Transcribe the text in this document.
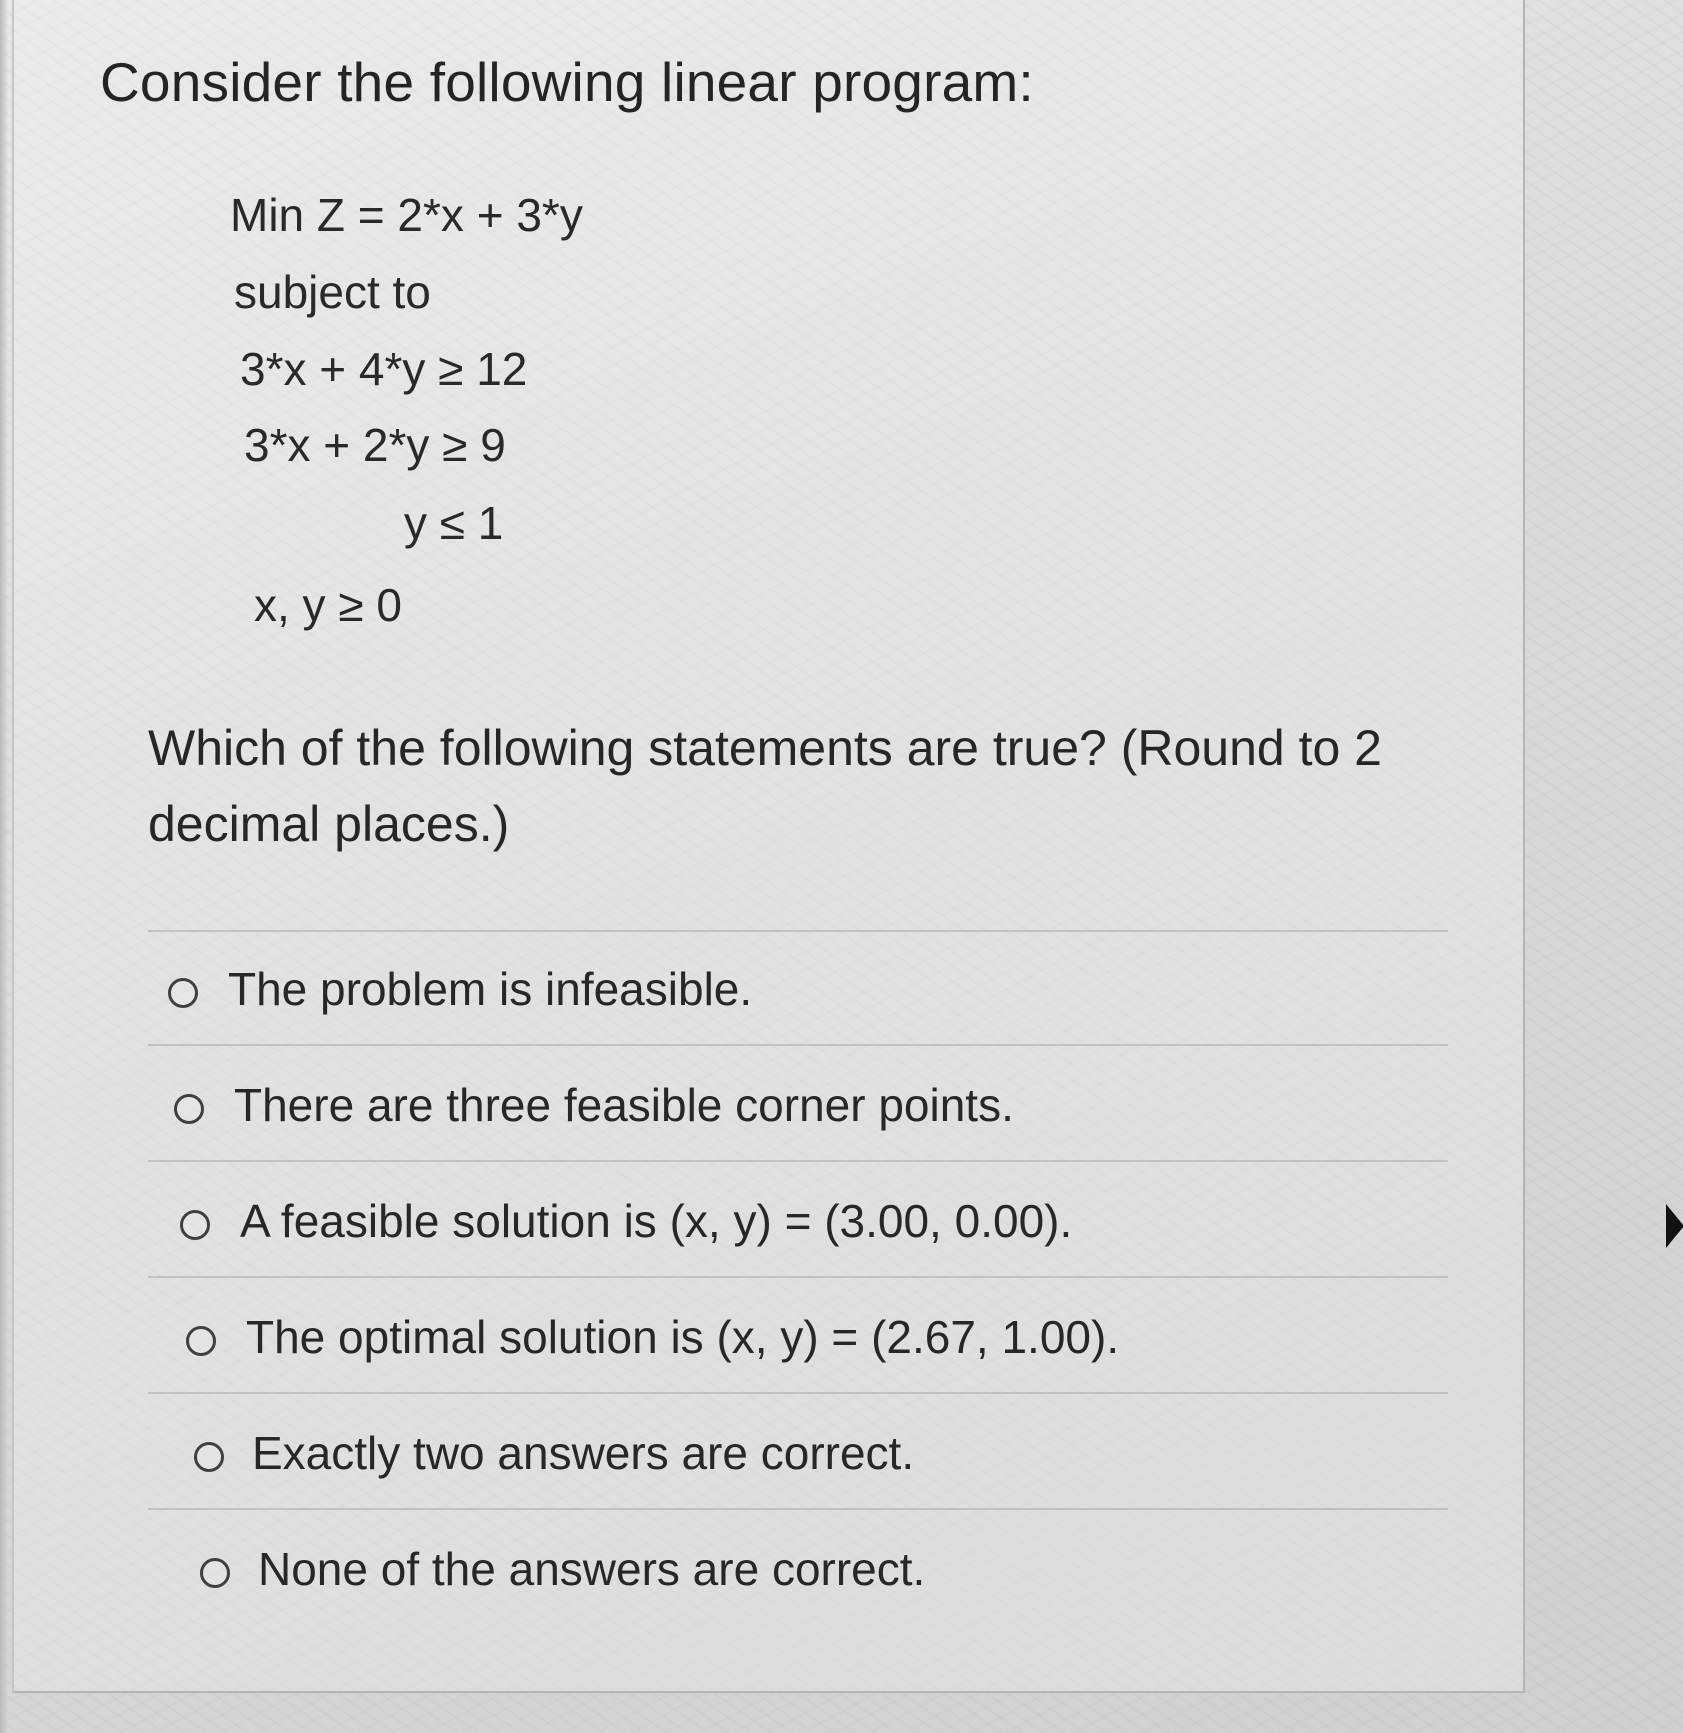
Consider the following linear program:
Min Z = 2*x + 3*y
subject to
3*x + 4*y ≥ 12
3*x + 2*y ≥ 9
y ≤ 1
x, y ≥ 0
Which of the following statements are true? (Round to 2 decimal places.)
The problem is infeasible.
There are three feasible corner points.
A feasible solution is (x, y) = (3.00, 0.00).
The optimal solution is (x, y) = (2.67, 1.00).
Exactly two answers are correct.
None of the answers are correct.
